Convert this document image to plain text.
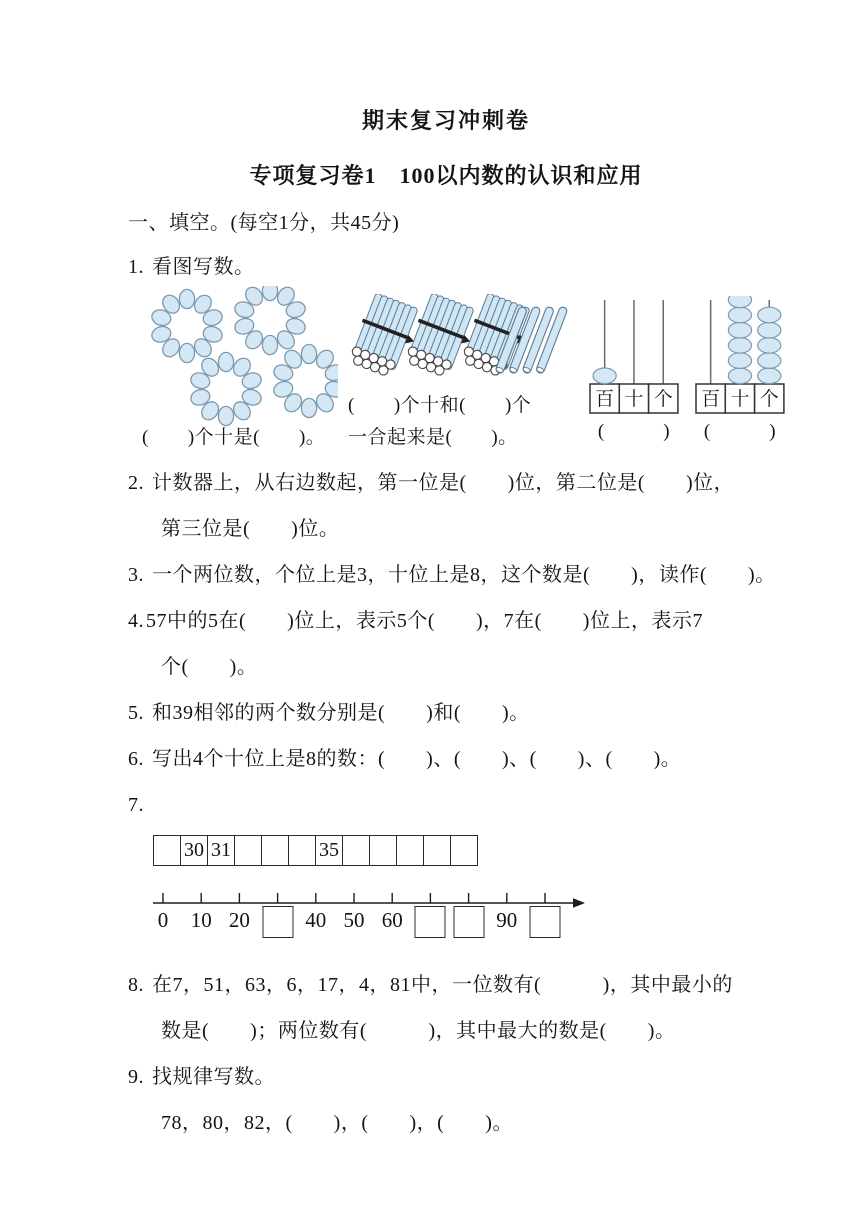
期末复习冲刺卷
专项复习卷1　100以内数的认识和应用
一、填空。(每空1分，共45分)

1. 看图写数。

(　　)个十是(　　)。
(　　)个十和(　　)个
一合起来是(　　)。
百 十 个
(　　　)
百 十 个
(　　　)

2. 计数器上，从右边数起，第一位是(　　)位，第二位是(　　)位，

第三位是(　　)位。

3. 一个两位数，个位上是3，十位上是8，这个数是(　　)，读作(　　)。

4. 57中的5在(　　)位上，表示5个(　　)，7在(　　)位上，表示7

个(　　)。

5. 和39相邻的两个数分别是(　　)和(　　)。

6. 写出4个十位上是8的数：(　　)、(　　)、(　　)、(　　)。

7.

	30	31				35					
0 10 20	40 50 60	90

8. 在7，51，63，6，17，4，81中，一位数有(　　　)，其中最小的

数是(　　)；两位数有(　　　)，其中最大的数是(　　)。

9. 找规律写数。

78，80，82，(　　)，(　　)，(　　)。
